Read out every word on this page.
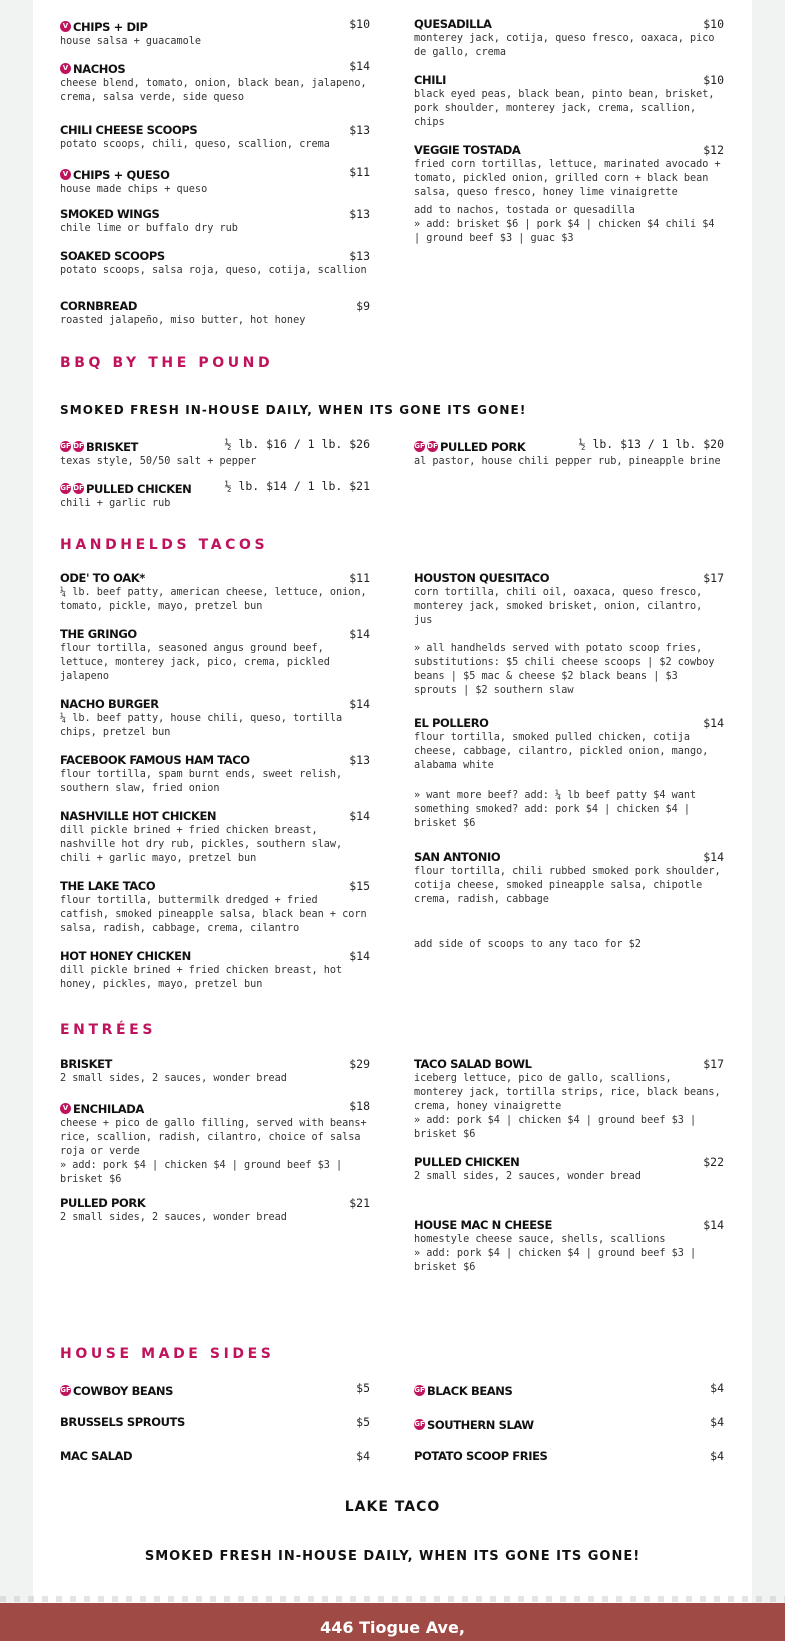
V CHIPS + DIP	$10
house salsa + guacamole
V NACHOS	$14
cheese blend, tomato, onion, black bean, jalapeno, crema, salsa verde, side queso
CHILI CHEESE SCOOPS	$13
potato scoops, chili, queso, scallion, crema
V CHIPS + QUESO	$11
house made chips + queso
SMOKED WINGS	$13
chile lime or buffalo dry rub
SOAKED SCOOPS	$13
potato scoops, salsa roja, queso, cotija, scallion
CORNBREAD	$9
roasted jalapeño, miso butter, hot honey
QUESADILLA	$10
monterey jack, cotija, queso fresco, oaxaca, pico de gallo, crema
CHILI	$10
black eyed peas, black bean, pinto bean, brisket, pork shoulder, monterey jack, crema, scallion, chips
VEGGIE TOSTADA	$12
fried corn tortillas, lettuce, marinated avocado + tomato, pickled onion, grilled corn + black bean salsa, queso fresco, honey lime vinaigrette
add to nachos, tostada or quesadilla
» add: brisket $6 | pork $4 | chicken $4 chili $4 | ground beef $3 | guac $3
BBQ BY THE POUND
SMOKED FRESH IN-HOUSE DAILY, WHEN ITS GONE ITS GONE!
GF DF BRISKET	½ lb. $16 / 1 lb. $26
texas style, 50/50 salt + pepper
GF DF PULLED CHICKEN	½ lb. $14 / 1 lb. $21
chili + garlic rub
GF DF PULLED PORK	½ lb. $13 / 1 lb. $20
al pastor, house chili pepper rub, pineapple brine
HANDHELDS TACOS
ODE' TO OAK*	$11
¼ lb. beef patty, american cheese, lettuce, onion, tomato, pickle, mayo, pretzel bun
THE GRINGO	$14
flour tortilla, seasoned angus ground beef, lettuce, monterey jack, pico, crema, pickled jalapeno
NACHO BURGER	$14
¼ lb. beef patty, house chili, queso, tortilla chips, pretzel bun
FACEBOOK FAMOUS HAM TACO	$13
flour tortilla, spam burnt ends, sweet relish, southern slaw, fried onion
NASHVILLE HOT CHICKEN	$14
dill pickle brined + fried chicken breast, nashville hot dry rub, pickles, southern slaw, chili + garlic mayo, pretzel bun
THE LAKE TACO	$15
flour tortilla, buttermilk dredged + fried catfish, smoked pineapple salsa, black bean + corn salsa, radish, cabbage, crema, cilantro
HOT HONEY CHICKEN	$14
dill pickle brined + fried chicken breast, hot honey, pickles, mayo, pretzel bun
HOUSTON QUESITACO	$17
corn tortilla, chili oil, oaxaca, queso fresco, monterey jack, smoked brisket, onion, cilantro, jus
» all handhelds served with potato scoop fries, substitutions: $5 chili cheese scoops | $2 cowboy beans | $5 mac & cheese $2 black beans | $3 sprouts | $2 southern slaw
EL POLLERO	$14
flour tortilla, smoked pulled chicken, cotija cheese, cabbage, cilantro, pickled onion, mango, alabama white
» want more beef? add: ¼ lb beef patty $4 want something smoked? add: pork $4 | chicken $4 | brisket $6
SAN ANTONIO	$14
flour tortilla, chili rubbed smoked pork shoulder, cotija cheese, smoked pineapple salsa, chipotle crema, radish, cabbage
add side of scoops to any taco for $2
ENTRÉES
BRISKET	$29
2 small sides, 2 sauces, wonder bread
V ENCHILADA	$18
cheese + pico de gallo filling, served with beans+ rice, scallion, radish, cilantro, choice of salsa roja or verde
» add: pork $4 | chicken $4 | ground beef $3 | brisket $6
PULLED PORK	$21
2 small sides, 2 sauces, wonder bread
TACO SALAD BOWL	$17
iceberg lettuce, pico de gallo, scallions, monterey jack, tortilla strips, rice, black beans, crema, honey vinaigrette
» add: pork $4 | chicken $4 | ground beef $3 | brisket $6
PULLED CHICKEN	$22
2 small sides, 2 sauces, wonder bread
HOUSE MAC N CHEESE	$14
homestyle cheese sauce, shells, scallions
» add: pork $4 | chicken $4 | ground beef $3 | brisket $6
HOUSE MADE SIDES
GF COWBOY BEANS	$5
BRUSSELS SPROUTS	$5
MAC SALAD	$4
GF BLACK BEANS	$4
GF SOUTHERN SLAW	$4
POTATO SCOOP FRIES	$4
LAKE TACO
SMOKED FRESH IN-HOUSE DAILY, WHEN ITS GONE ITS GONE!
446 Tiogue Ave,
